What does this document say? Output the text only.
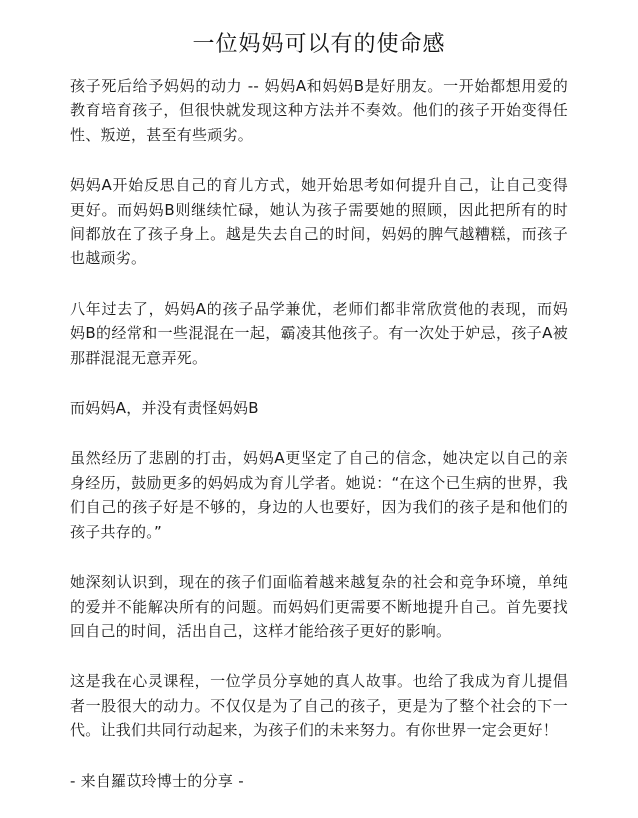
一位妈妈可以有的使命感

孩子死后给予妈妈的动力 -- 妈妈A和妈妈B是好朋友。一开始都想用爱的教育培育孩子，但很快就发现这种方法并不奏效。他们的孩子开始变得任性、叛逆，甚至有些顽劣。

妈妈A开始反思自己的育儿方式，她开始思考如何提升自己，让自己变得更好。而妈妈B则继续忙碌，她认为孩子需要她的照顾，因此把所有的时间都放在了孩子身上。越是失去自己的时间，妈妈的脾气越糟糕，而孩子也越顽劣。

八年过去了，妈妈A的孩子品学兼优，老师们都非常欣赏他的表现，而妈妈B的经常和一些混混在一起，霸凌其他孩子。有一次处于妒忌，孩子A被那群混混无意弄死。

而妈妈A，并没有责怪妈妈B

虽然经历了悲剧的打击，妈妈A更坚定了自己的信念，她决定以自己的亲身经历，鼓励更多的妈妈成为育儿学者。她说：“在这个已生病的世界，我们自己的孩子好是不够的，身边的人也要好，因为我们的孩子是和他们的孩子共存的。”

她深刻认识到，现在的孩子们面临着越来越复杂的社会和竞争环境，单纯的爱并不能解决所有的问题。而妈妈们更需要不断地提升自己。首先要找回自己的时间，活出自己，这样才能给孩子更好的影响。

这是我在心灵课程，一位学员分享她的真人故事。也给了我成为育儿提倡者一股很大的动力。不仅仅是为了自己的孩子，更是为了整个社会的下一代。让我们共同行动起来，为孩子们的未来努力。有你世界一定会更好！

- 来自羅苡玲博士的分享 -
